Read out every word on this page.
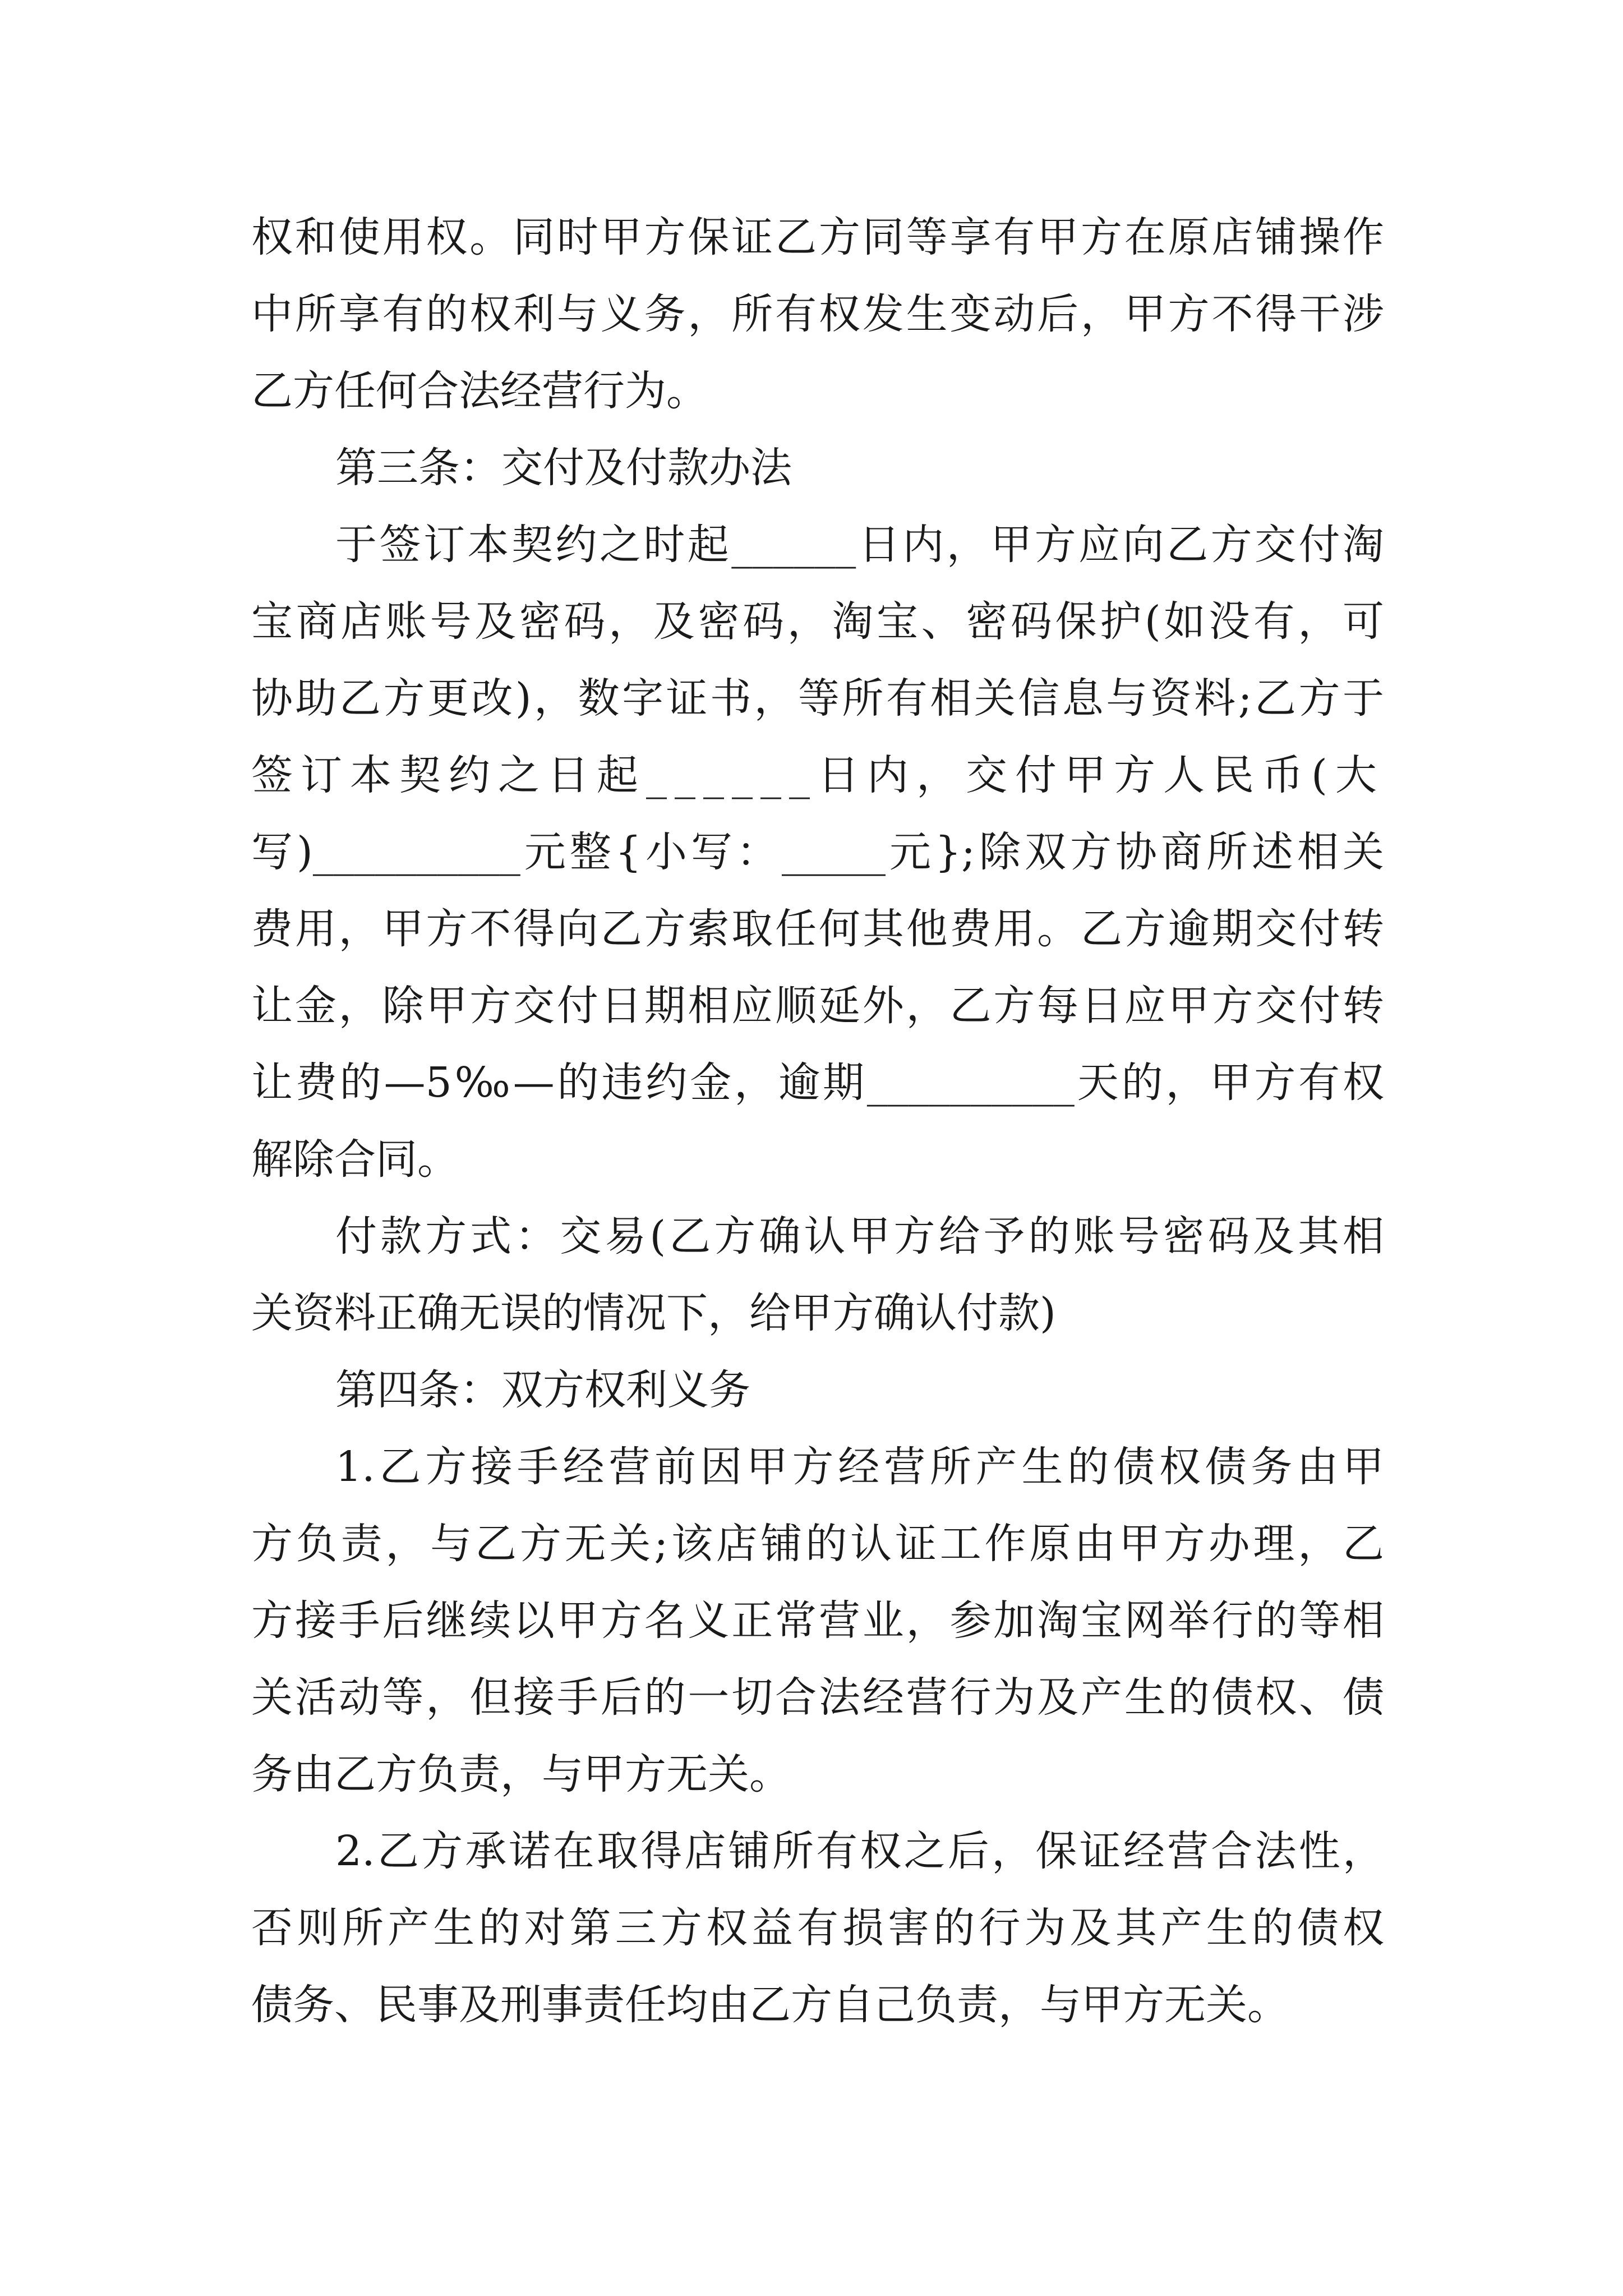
权和使用权。同时甲方保证乙方同等享有甲方在原店铺操作
中所享有的权利与义务，所有权发生变动后，甲方不得干涉
乙方任何合法经营行为。
第三条：交付及付款办法
于签订本契约之时起______日内，甲方应向乙方交付淘
宝商店账号及密码，及密码，淘宝、密码保护(如没有，可
协助乙方更改)，数字证书，等所有相关信息与资料;乙方于
签订本契约之日起______日内，交付甲方人民币(大
写)__________元整{小写：_____元};除双方协商所述相关
费用，甲方不得向乙方索取任何其他费用。乙方逾期交付转
让金，除甲方交付日期相应顺延外，乙方每日应甲方交付转
让费的—5‰—的违约金，逾期__________天的，甲方有权
解除合同。
付款方式：交易(乙方确认甲方给予的账号密码及其相
关资料正确无误的情况下，给甲方确认付款)
第四条：双方权利义务
1.乙方接手经营前因甲方经营所产生的债权债务由甲
方负责，与乙方无关;该店铺的认证工作原由甲方办理，乙
方接手后继续以甲方名义正常营业，参加淘宝网举行的等相
关活动等，但接手后的一切合法经营行为及产生的债权、债
务由乙方负责，与甲方无关。
2.乙方承诺在取得店铺所有权之后，保证经营合法性，
否则所产生的对第三方权益有损害的行为及其产生的债权
债务、民事及刑事责任均由乙方自己负责，与甲方无关。
